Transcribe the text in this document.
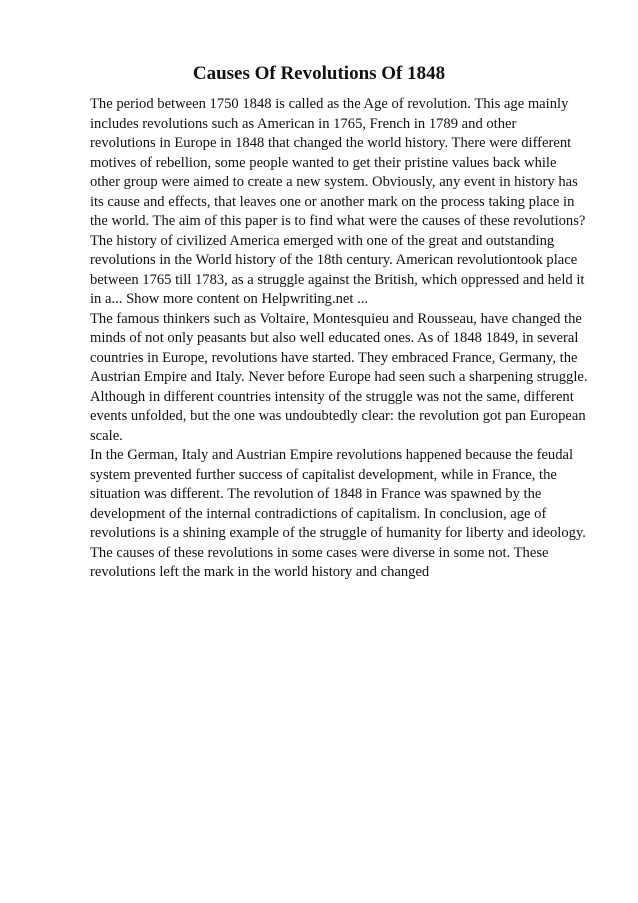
Causes Of Revolutions Of 1848
The period between 1750 1848 is called as the Age of revolution. This age mainly
includes revolutions such as American in 1765, French in 1789 and other
revolutions in Europe in 1848 that changed the world history. There were different
motives of rebellion, some people wanted to get their pristine values back while
other group were aimed to create a new system. Obviously, any event in history has
its cause and effects, that leaves one or another mark on the process taking place in
the world. The aim of this paper is to find what were the causes of these revolutions?
The history of civilized America emerged with one of the great and outstanding
revolutions in the World history of the 18th century. American revolutiontook place
between 1765 till 1783, as a struggle against the British, which oppressed and held it
in a... Show more content on Helpwriting.net ...
The famous thinkers such as Voltaire, Montesquieu and Rousseau, have changed the
minds of not only peasants but also well educated ones. As of 1848 1849, in several
countries in Europe, revolutions have started. They embraced France, Germany, the
Austrian Empire and Italy. Never before Europe had seen such a sharpening struggle.
Although in different countries intensity of the struggle was not the same, different
events unfolded, but the one was undoubtedly clear: the revolution got pan European
scale.
In the German, Italy and Austrian Empire revolutions happened because the feudal
system prevented further success of capitalist development, while in France, the
situation was different. The revolution of 1848 in France was spawned by the
development of the internal contradictions of capitalism. In conclusion, age of
revolutions is a shining example of the struggle of humanity for liberty and ideology.
The causes of these revolutions in some cases were diverse in some not. These
revolutions left the mark in the world history and changed
